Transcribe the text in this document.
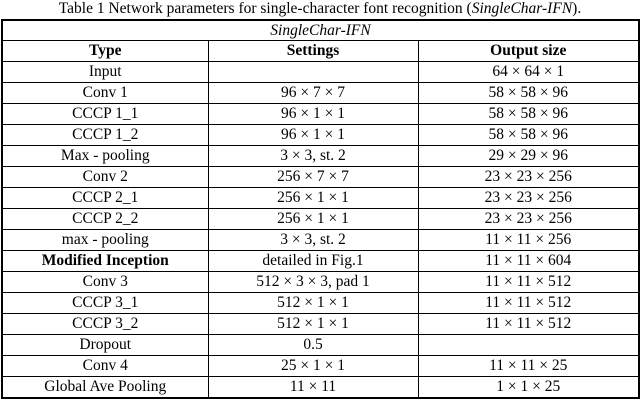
Table 1 Network parameters for single-character font recognition (SingleChar-IFN).
SingleChar-IFN		
Type	Settings	Output size
Input		64 × 64 × 1
Conv 1	96 × 7 × 7	58 × 58 × 96
CCCP 1_1	96 × 1 × 1	58 × 58 × 96
CCCP 1_2	96 × 1 × 1	58 × 58 × 96
Max - pooling	3 × 3, st. 2	29 × 29 × 96
Conv 2	256 × 7 × 7	23 × 23 × 256
CCCP 2_1	256 × 1 × 1	23 × 23 × 256
CCCP 2_2	256 × 1 × 1	23 × 23 × 256
max - pooling	3 × 3, st. 2	11 × 11 × 256
Modified Inception	detailed in Fig.1	11 × 11 × 604
Conv 3	512 × 3 × 3, pad 1	11 × 11 × 512
CCCP 3_1	512 × 1 × 1	11 × 11 × 512
CCCP 3_2	512 × 1 × 1	11 × 11 × 512
Dropout	0.5	
Conv 4	25 × 1 × 1	11 × 11 × 25
Global Ave Pooling	11 × 11	1 × 1 × 25
